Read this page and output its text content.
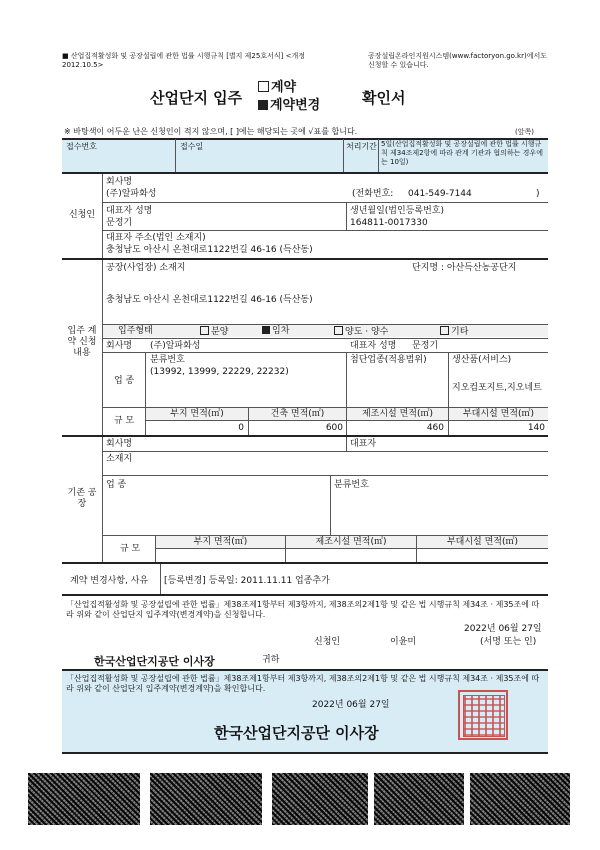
■ 산업집적활성화 및 공장설립에 관한 법률 시행규칙 [별지 제25호서식] <개정 2012.10.5>
공장설립온라인지원시스템(www.factoryon.go.kr)에서도 신청할 수 있습니다.
산업단지 입주
계약
계약변경	확인서
※ 바탕색이 어두운 난은 신청인이 적지 않으며, [ ]에는 해당되는 곳에 √표를 합니다.	(앞쪽)
접수번호	접수일	처리기간 5일(산업집적활성화 및 공장설립에 관한 법률 시행규칙 제34조제2항에 따라 관계 기관과 협의하는 경우에는 10일)
신청인
회사명
(주)알파화성	(전화번호: 041-549-7144	)
대표자 성명
문정기
생년월일(법인등록번호)
164811-0017330
대표자 주소(법인 소재지)
충청남도 아산시 온천대로1122번길 46-16 (득산동)
입주 계약 신청 내용
공장(사업장) 소재지	단지명 : 아산득산농공단지
충청남도 아산시 온천대로1122번길 46-16 (득산동)
입주형태	분양	임차	양도 · 양수	기타
회사명 (주)알파화성	대표자 성명 문정기
업 종
분류번호
(13992, 13999, 22229, 22232)
첨단업종(적용범위)	생산품(서비스)
지오컴포지트,지오네트
규 모
부지 면적(㎡)	건축 면적(㎡)	제조시설 면적(㎡)	부대시설 면적(㎡)
0	600	460	140
기존 공장
회사명	대표자
소재지
업 종	분류번호
규 모
부지 면적(㎡)	제조시설 면적(㎡)	부대시설 면적(㎡)
계약 변경사항, 사유 [등록변경] 등록일: 2011.11.11 업종추가
「산업집적활성화 및 공장설립에 관한 법률」제38조제1항부터 제3항까지, 제38조의2제1항 및 같은 법 시행규칙 제34조 · 제35조에 따라 위와 같이 산업단지 입주계약(변경계약)을 신청합니다.
2022년 06월 27일
신청인	이윤미	(서명 또는 인)
한국산업단지공단 이사장	귀하
「산업집적활성화 및 공장설립에 관한 법률」제38조제1항부터 제3항까지, 제38조의2제1항 및 같은 법 시행규칙 제34조 · 제35조에 따라 위와 같이 산업단지 입주계약(변경계약)을 확인합니다.
2022년 06월 27일
한국산업단지공단 이사장
